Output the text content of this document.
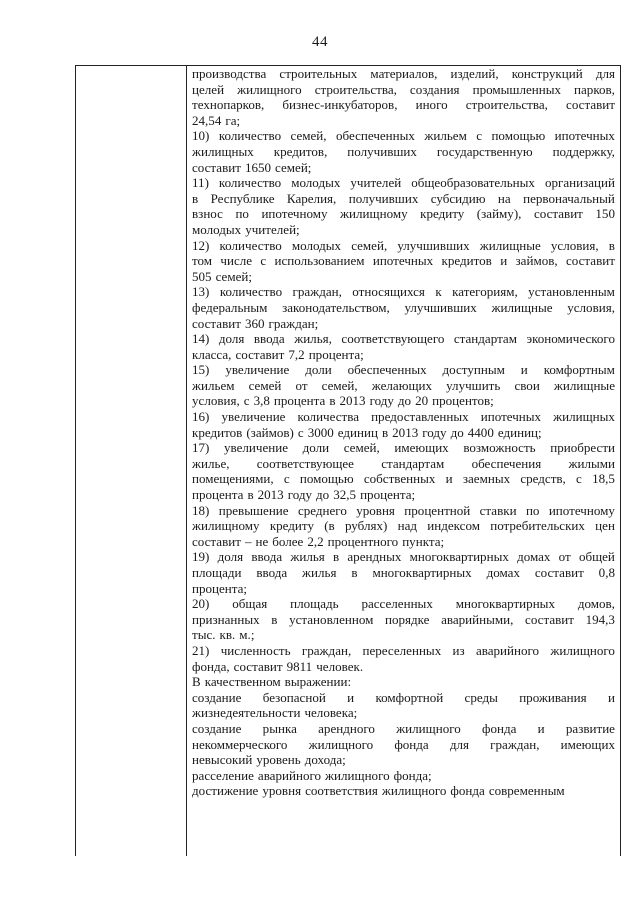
44
производства строительных материалов, изделий, конструкций для
целей жилищного строительства, создания промышленных парков,
технопарков, бизнес-инкубаторов, иного строительства, составит
24,54 га;
10) количество семей, обеспеченных жильем с помощью ипотечных
жилищных кредитов, получивших государственную поддержку,
составит 1650 семей;
11) количество молодых учителей общеобразовательных организаций
в Республике Карелия, получивших субсидию на первоначальный
взнос по ипотечному жилищному кредиту (займу), составит 150
молодых учителей;
12) количество молодых семей, улучшивших жилищные условия, в
том числе с использованием ипотечных кредитов и займов, составит
505 семей;
13) количество граждан, относящихся к категориям, установленным
федеральным законодательством, улучшивших жилищные условия,
составит 360 граждан;
14) доля ввода жилья, соответствующего стандартам экономического
класса, составит 7,2 процента;
15) увеличение доли обеспеченных доступным и комфортным
жильем семей от семей, желающих улучшить свои жилищные
условия, с 3,8 процента в 2013 году до 20 процентов;
16) увеличение количества предоставленных ипотечных жилищных
кредитов (займов) с 3000 единиц в 2013 году до 4400 единиц;
17) увеличение доли семей, имеющих возможность приобрести
жилье, соответствующее стандартам обеспечения жилыми
помещениями, с помощью собственных и заемных средств, с 18,5
процента в 2013 году до 32,5 процента;
18) превышение среднего уровня процентной ставки по ипотечному
жилищному кредиту (в рублях) над индексом потребительских цен
составит – не более 2,2 процентного пункта;
19) доля ввода жилья в арендных многоквартирных домах от общей
площади ввода жилья в многоквартирных домах составит 0,8
процента;
20) общая площадь расселенных многоквартирных домов,
признанных в установленном порядке аварийными, составит 194,3
тыс. кв. м.;
21) численность граждан, переселенных из аварийного жилищного
фонда, составит 9811 человек.
В качественном выражении:
создание безопасной и комфортной среды проживания и
жизнедеятельности человека;
создание рынка арендного жилищного фонда и развитие
некоммерческого жилищного фонда для граждан, имеющих
невысокий уровень дохода;
расселение аварийного жилищного фонда;
достижение уровня соответствия жилищного фонда современным
